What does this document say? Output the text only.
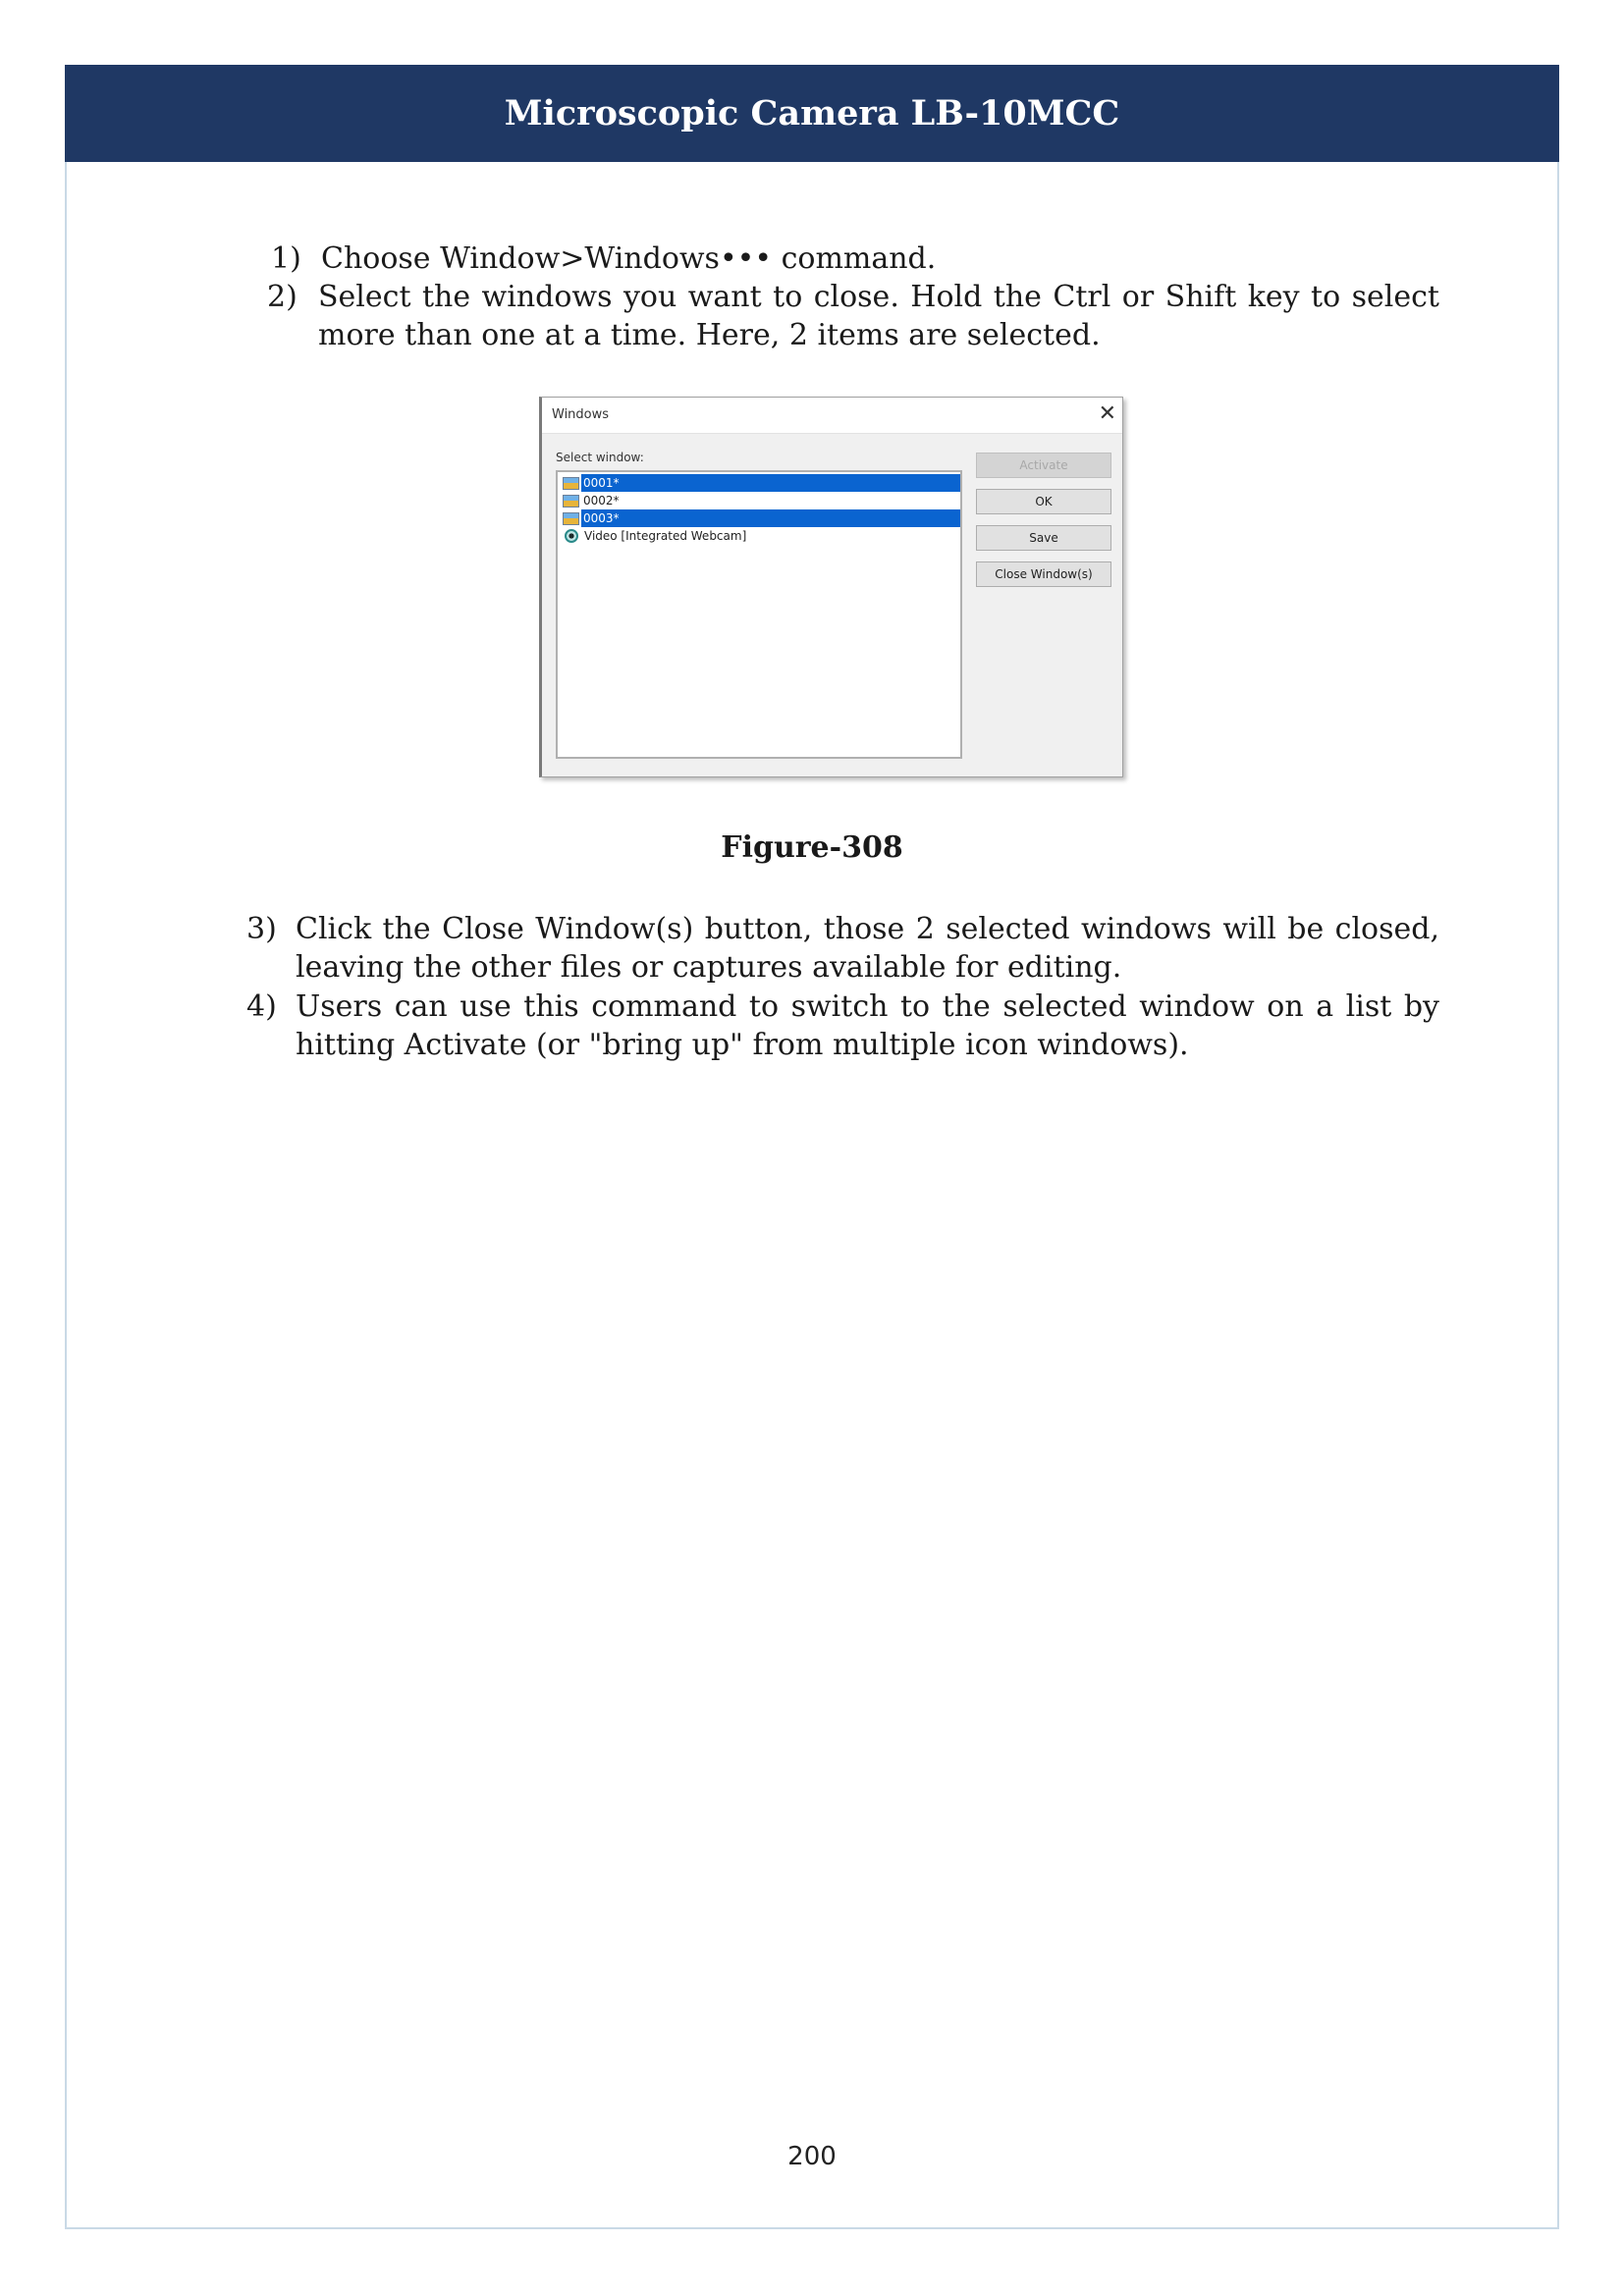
Microscopic Camera LB-10MCC
1) Choose Window>Windows••• command.
2) Select the windows you want to close. Hold the Ctrl or Shift key to select more than one at a time. Here, 2 items are selected.
Windows	✕
Select window:
0001*
0002*
0003*
Video [Integrated Webcam]
Activate
OK
Save
Close Window(s)
Figure-308
3) Click the Close Window(s) button, those 2 selected windows will be closed, leaving the other files or captures available for editing.
4) Users can use this command to switch to the selected window on a list by hitting Activate (or "bring up" from multiple icon windows).
200
